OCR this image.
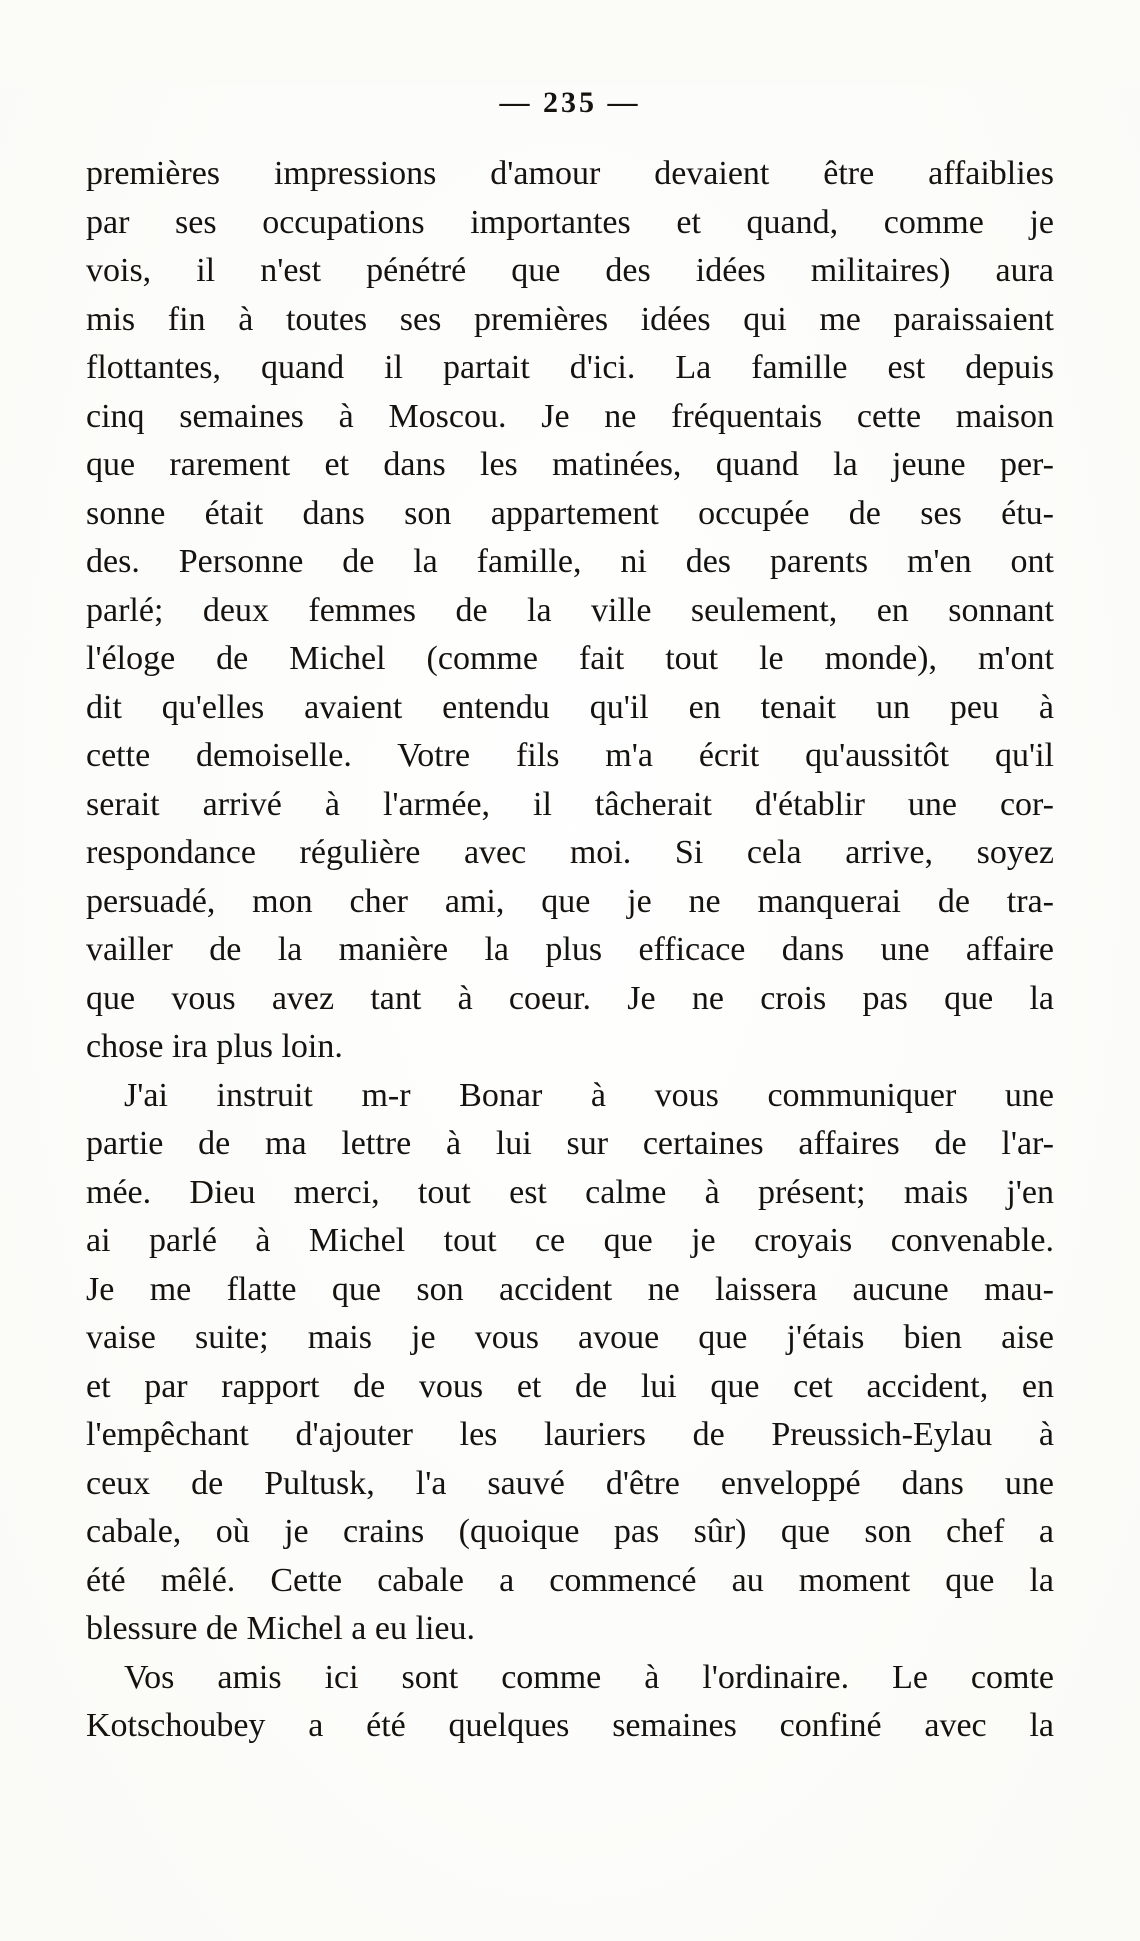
— 235 —
premières impressions d'amour devaient être affaiblies
par ses occupations importantes et quand, comme je
vois, il n'est pénétré que des idées militaires) aura
mis fin à toutes ses premières idées qui me paraissaient
flottantes, quand il partait d'ici. La famille est depuis
cinq semaines à Moscou. Je ne fréquentais cette maison
que rarement et dans les matinées, quand la jeune per-
sonne était dans son appartement occupée de ses étu-
des. Personne de la famille, ni des parents m'en ont
parlé; deux femmes de la ville seulement, en sonnant
l'éloge de Michel (comme fait tout le monde), m'ont
dit qu'elles avaient entendu qu'il en tenait un peu à
cette demoiselle. Votre fils m'a écrit qu'aussitôt qu'il
serait arrivé à l'armée, il tâcherait d'établir une cor-
respondance régulière avec moi. Si cela arrive, soyez
persuadé, mon cher ami, que je ne manquerai de tra-
vailler de la manière la plus efficace dans une affaire
que vous avez tant à coeur. Je ne crois pas que la
chose ira plus loin.
J'ai instruit m-r Bonar à vous communiquer une
partie de ma lettre à lui sur certaines affaires de l'ar-
mée. Dieu merci, tout est calme à présent; mais j'en
ai parlé à Michel tout ce que je croyais convenable.
Je me flatte que son accident ne laissera aucune mau-
vaise suite; mais je vous avoue que j'étais bien aise
et par rapport de vous et de lui que cet accident, en
l'empêchant d'ajouter les lauriers de Preussich-Eylau à
ceux de Pultusk, l'a sauvé d'être enveloppé dans une
cabale, où je crains (quoique pas sûr) que son chef a
été mêlé. Cette cabale a commencé au moment que la
blessure de Michel a eu lieu.
Vos amis ici sont comme à l'ordinaire. Le comte
Kotschoubey a été quelques semaines confiné avec la
